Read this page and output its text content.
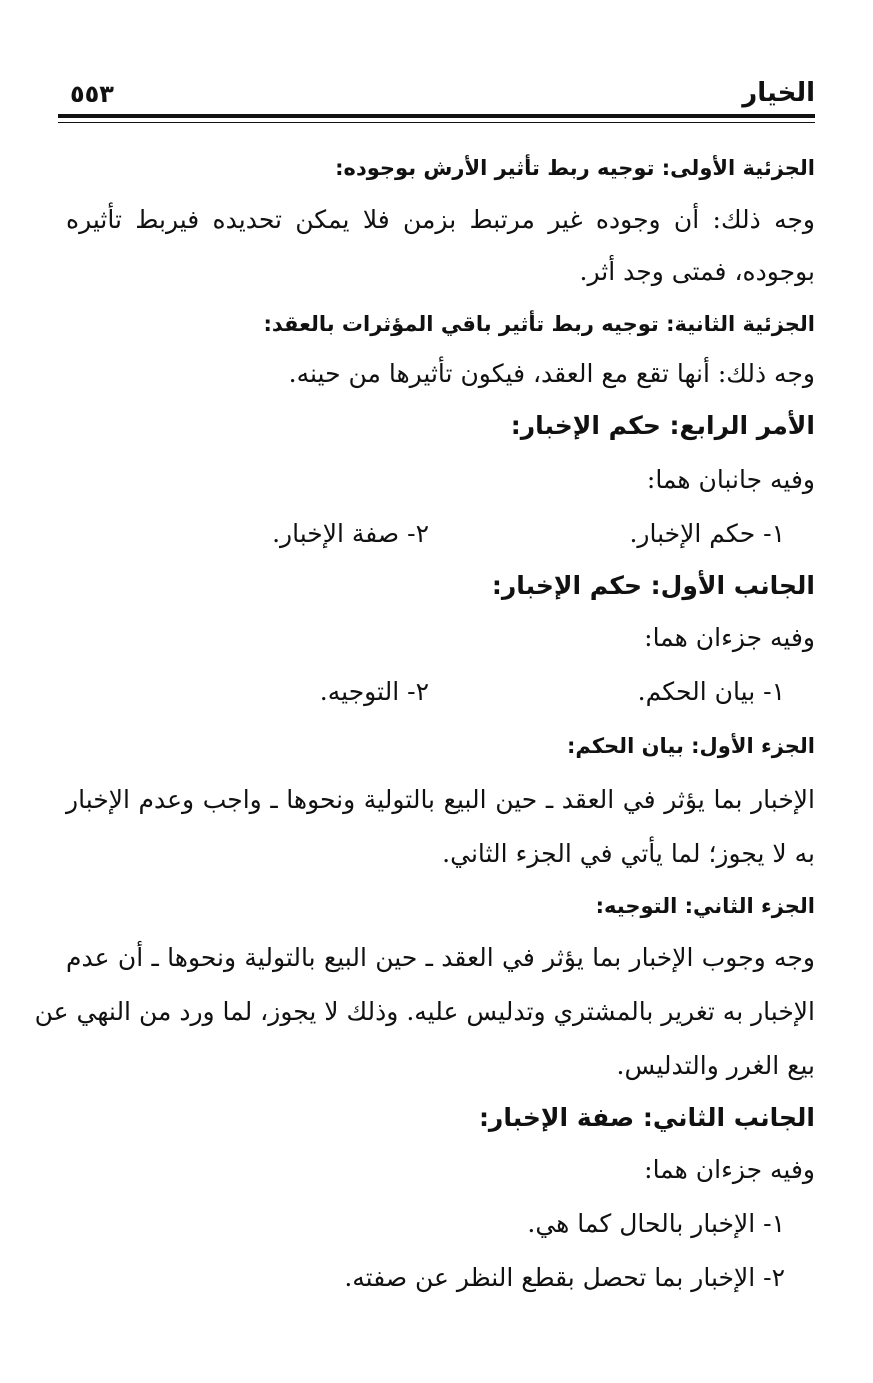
الخيار
٥٥٣
الجزئية الأولى: توجيه ربط تأثير الأرش بوجوده:
وجه ذلك: أن وجوده غير مرتبط بزمن فلا يمكن تحديده فيربط تأثيره
بوجوده، فمتى وجد أثر.
الجزئية الثانية: توجيه ربط تأثير باقي المؤثرات بالعقد:
وجه ذلك: أنها تقع مع العقد، فيكون تأثيرها من حينه.
الأمر الرابع: حكم الإخبار:
وفيه جانبان هما:
١- حكم الإخبار.
٢- صفة الإخبار.
الجانب الأول: حكم الإخبار:
وفيه جزءان هما:
١- بيان الحكم.
٢- التوجيه.
الجزء الأول: بيان الحكم:
الإخبار بما يؤثر في العقد ـ حين البيع بالتولية ونحوها ـ واجب وعدم الإخبار
به لا يجوز؛ لما يأتي في الجزء الثاني.
الجزء الثاني: التوجيه:
وجه وجوب الإخبار بما يؤثر في العقد ـ حين البيع بالتولية ونحوها ـ أن عدم
الإخبار به تغرير بالمشتري وتدليس عليه. وذلك لا يجوز، لما ورد من النهي عن
بيع الغرر والتدليس.
الجانب الثاني: صفة الإخبار:
وفيه جزءان هما:
١- الإخبار بالحال كما هي.
٢- الإخبار بما تحصل بقطع النظر عن صفته.
